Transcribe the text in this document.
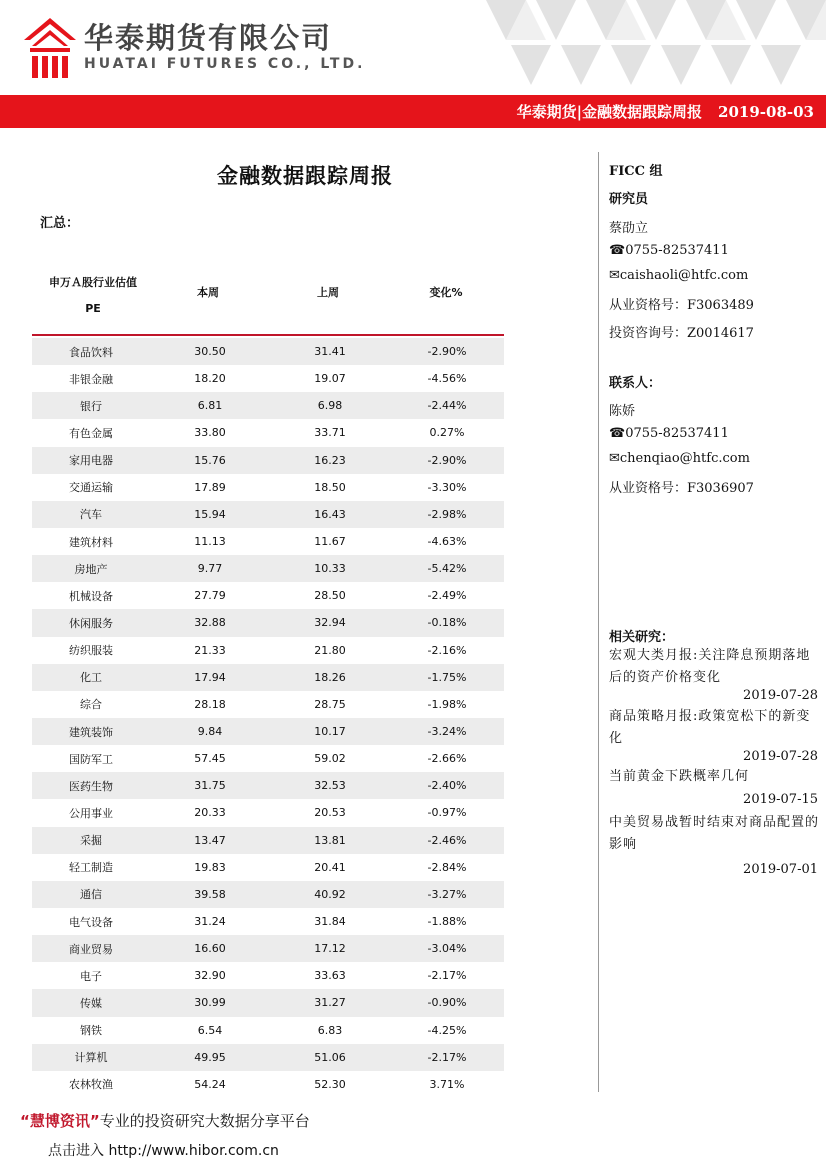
华泰期货有限公司
HUATAI FUTURES CO., LTD.
华泰期货|金融数据跟踪周报 2019-08-03
金融数据跟踪周报
汇总：
申万Ａ股行业估值
PE
本周	上周	变化%
食品饮料	30.50	31.41	-2.90%
非银金融	18.20	19.07	-4.56%
银行	6.81	6.98	-2.44%
有色金属	33.80	33.71	0.27%
家用电器	15.76	16.23	-2.90%
交通运输	17.89	18.50	-3.30%
汽车	15.94	16.43	-2.98%
建筑材料	11.13	11.67	-4.63%
房地产	9.77	10.33	-5.42%
机械设备	27.79	28.50	-2.49%
休闲服务	32.88	32.94	-0.18%
纺织服装	21.33	21.80	-2.16%
化工	17.94	18.26	-1.75%
综合	28.18	28.75	-1.98%
建筑装饰	9.84	10.17	-3.24%
国防军工	57.45	59.02	-2.66%
医药生物	31.75	32.53	-2.40%
公用事业	20.33	20.53	-0.97%
采掘	13.47	13.81	-2.46%
轻工制造	19.83	20.41	-2.84%
通信	39.58	40.92	-3.27%
电气设备	31.24	31.84	-1.88%
商业贸易	16.60	17.12	-3.04%
电子	32.90	33.63	-2.17%
传媒	30.99	31.27	-0.90%
钢铁	6.54	6.83	-4.25%
计算机	49.95	51.06	-2.17%
农林牧渔	54.24	52.30	3.71%
FICC 组
研究员
蔡劭立
☎0755-82537411
✉caishaoli@htfc.com
从业资格号：F3063489
投资咨询号：Z0014617
联系人：
陈娇
☎0755-82537411
✉chenqiao@htfc.com
从业资格号：F3036907
相关研究：
宏观大类月报:关注降息预期落地后的资产价格变化
2019-07-28
商品策略月报:政策宽松下的新变化
2019-07-28
当前黄金下跌概率几何
2019-07-15
中美贸易战暂时结束对商品配置的影响
2019-07-01
“慧博资讯”专业的投资研究大数据分享平台
点击进入 http://www.hibor.com.cn
